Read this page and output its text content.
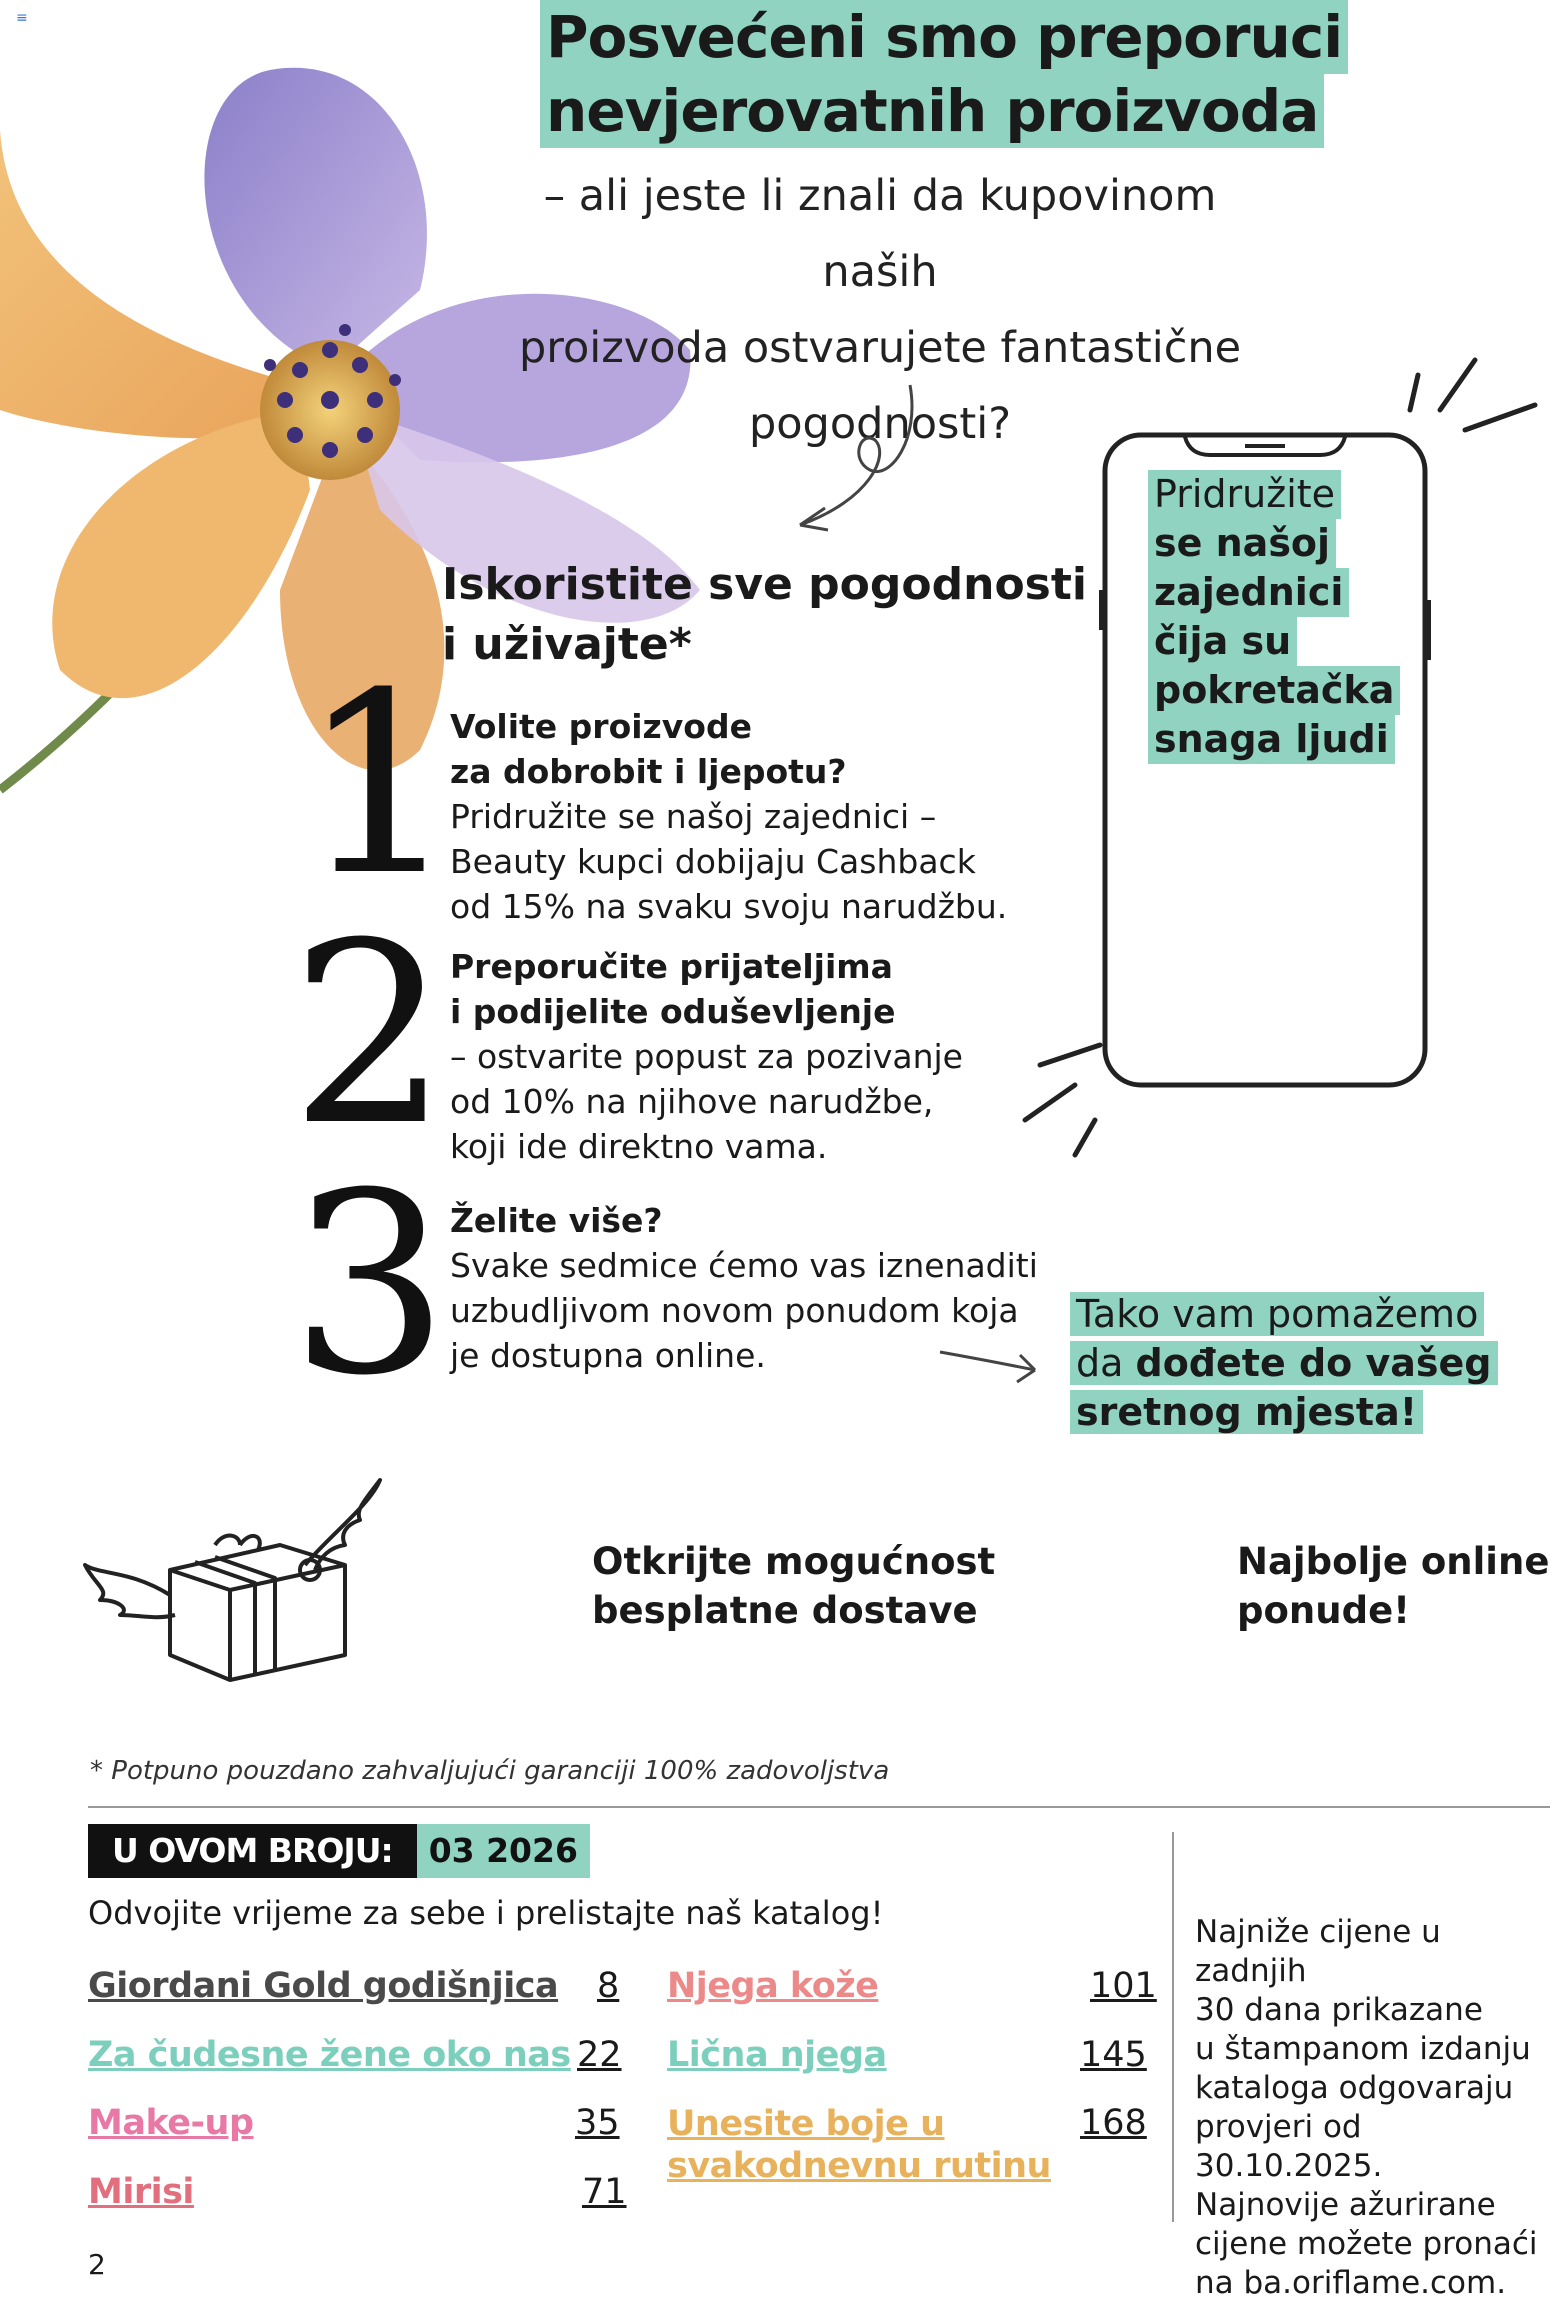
≡	Posvećeni smo preporuci
nevjerovatnih proizvoda
– ali jeste li znali da kupovinom naših
proizvoda ostvarujete fantastične
pogodnosti?
Iskoristite sve pogodnosti
i uživajte*
1
Volite proizvode
za dobrobit i ljepotu?
Pridružite se našoj zajednici –
Beauty kupci dobijaju Cashback
od 15% na svaku svoju narudžbu.
2 Preporučite prijateljima
i podijelite oduševljenje
– ostvarite popust za pozivanje
od 10% na njihove narudžbe,
koji ide direktno vama.
3 Želite više?
Svake sedmice ćemo vas iznenaditi
uzbudljivom novom ponudom koja
je dostupna online.
Pridružite
se našoj
zajednici
čija su
pokretačka
snaga ljudi
Tako vam pomažemo
da dođete do vašeg
sretnog mjesta!
Otkrijte mogućnost
besplatne dostave
Najbolje online
ponude!
* Potpuno pouzdano zahvaljujući garanciji 100% zadovoljstva
U OVOM BROJU:	03 2026
Odvojite vrijeme za sebe i prelistajte naš katalog!
Giordani Gold godišnjica 8
Za čudesne žene oko nas 22
Make-up	35
Mirisi	71
Njega kože	101
Lična njega	145
Unesite boje u
svakodnevnu rutinu
168
Najniže cijene u zadnjih
30 dana prikazane
u štampanom izdanju
kataloga odgovaraju
provjeri od 30.10.2025.
Najnovije ažurirane
cijene možete pronaći
na ba.oriflame.com.
2
